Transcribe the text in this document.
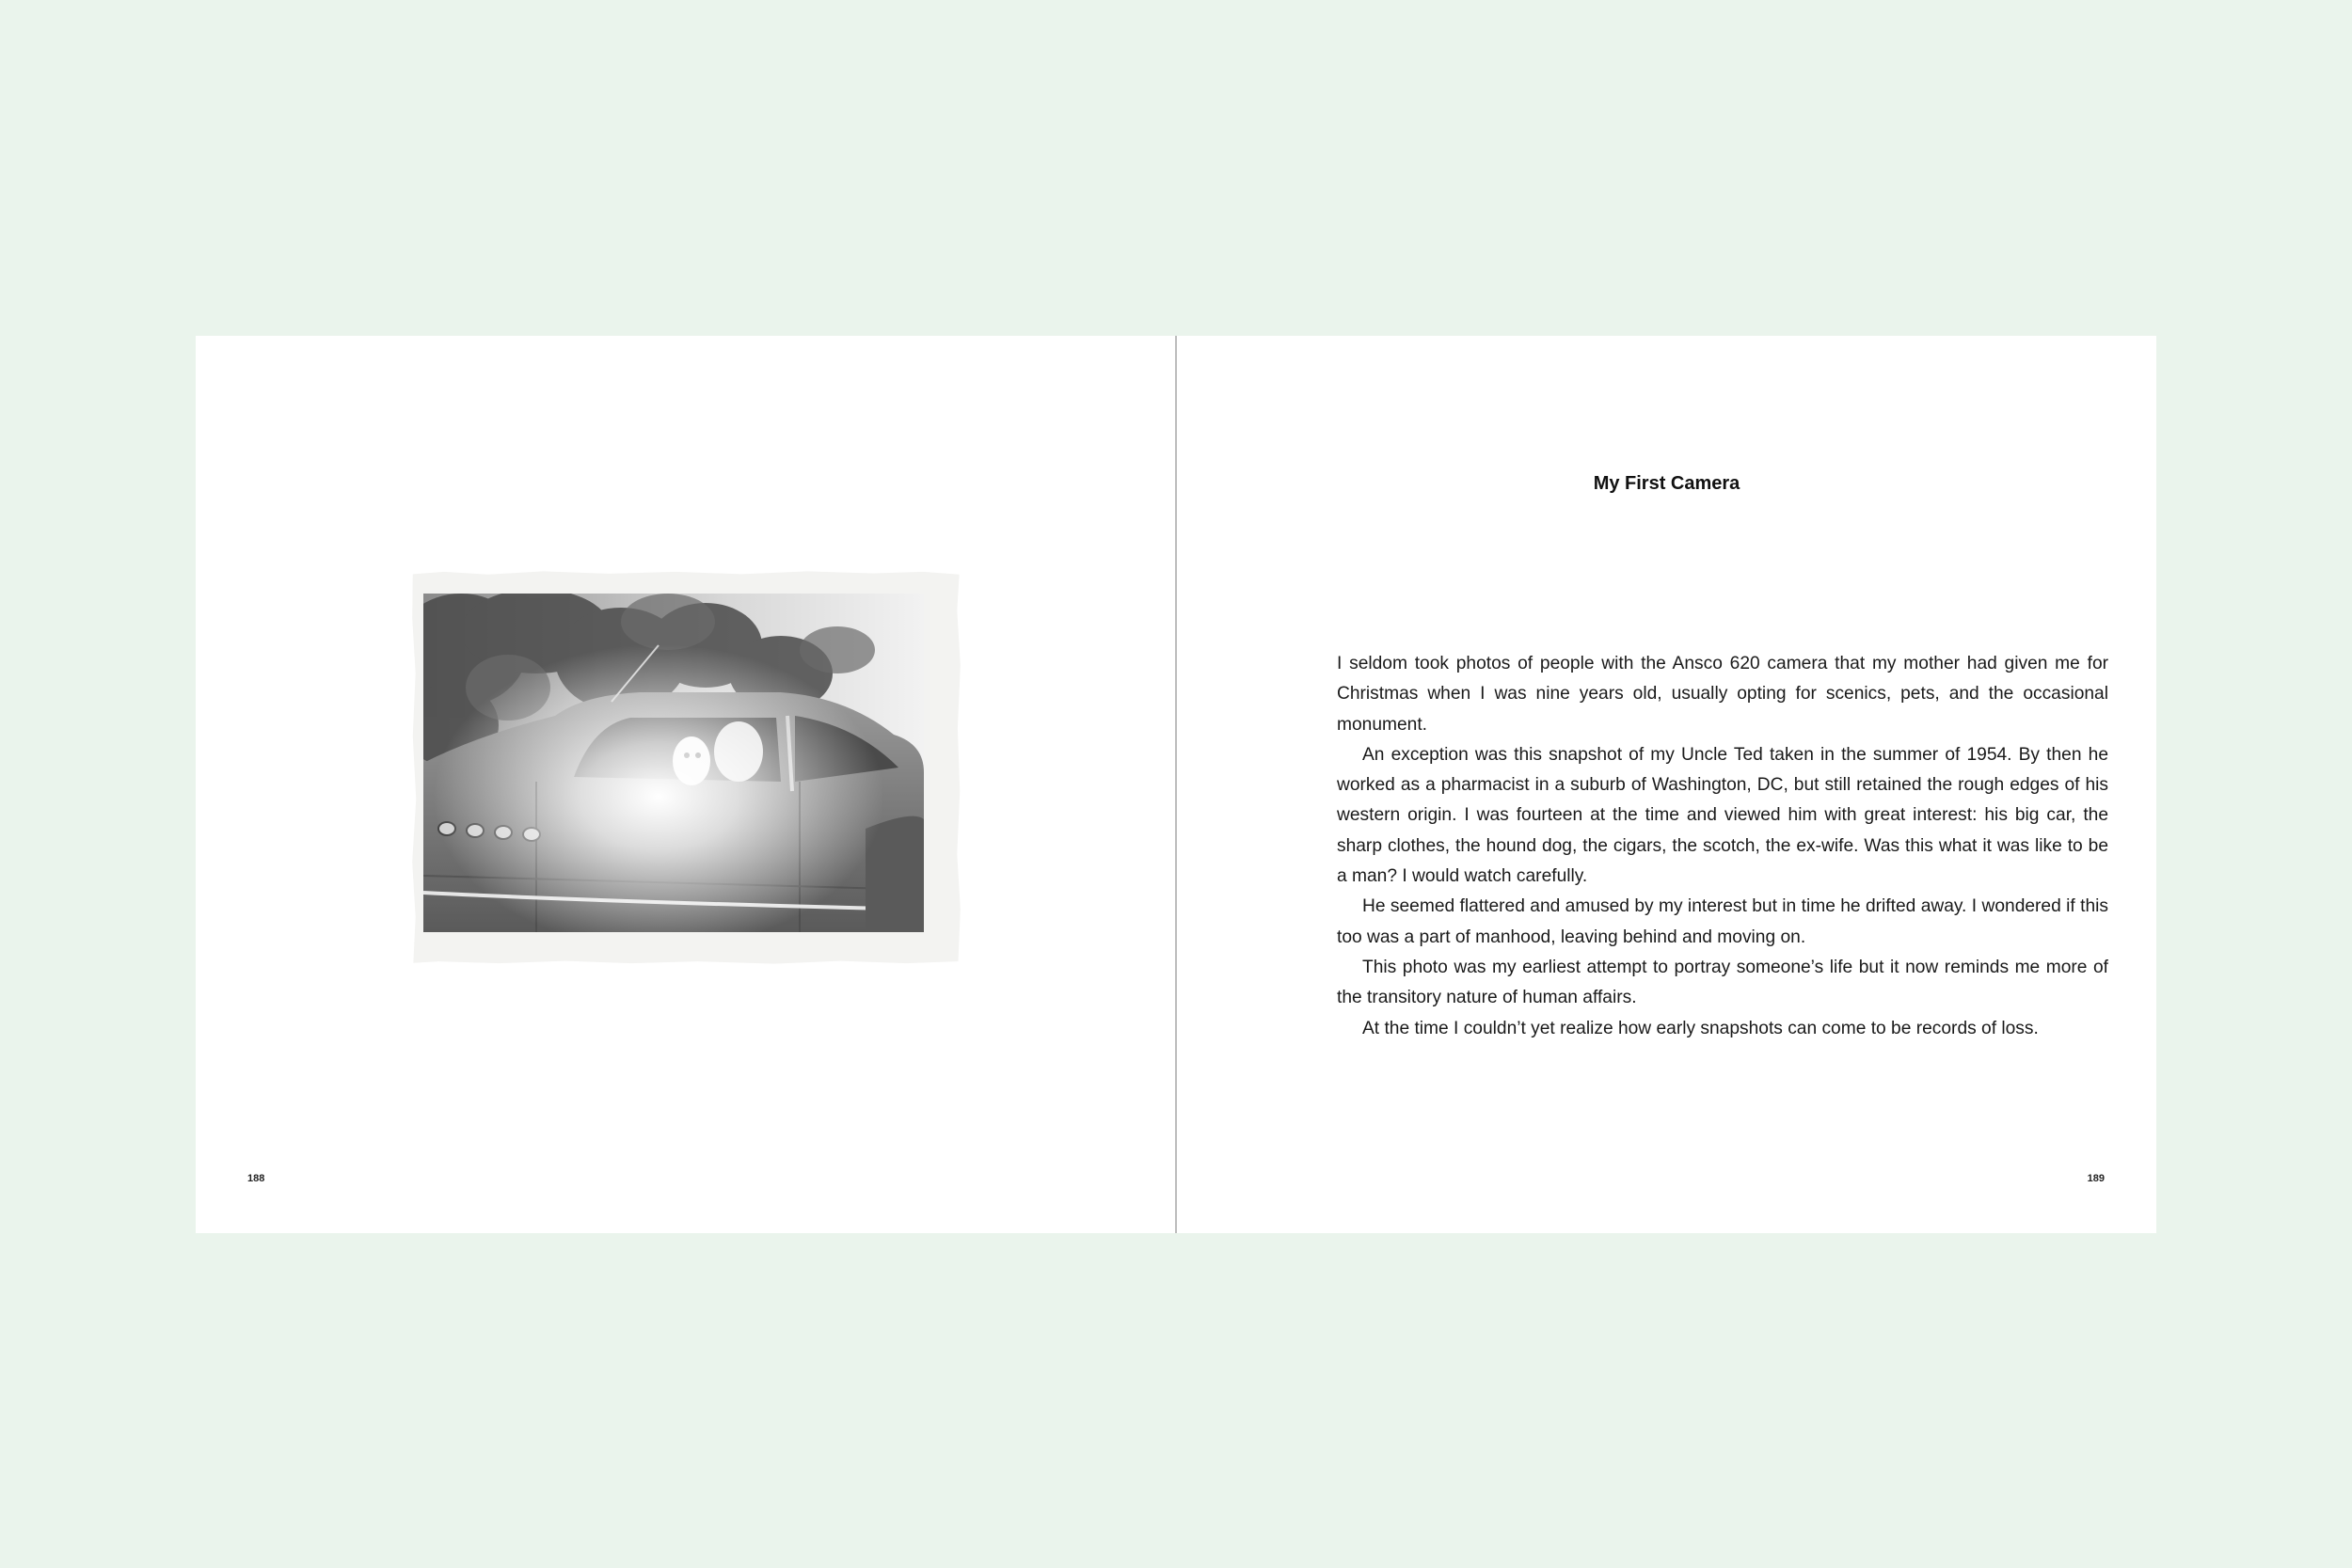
188
My First Camera

I seldom took photos of people with the Ansco 620 camera that my mother had given me for Christmas when I was nine years old, usually opting for scenics, pets, and the occasional monument.

An exception was this snapshot of my Uncle Ted taken in the summer of 1954. By then he worked as a pharmacist in a suburb of Washington, DC, but still retained the rough edges of his western origin. I was fourteen at the time and viewed him with great interest: his big car, the sharp clothes, the hound dog, the cigars, the scotch, the ex-wife. Was this what it was like to be a man? I would watch carefully.

He seemed flattered and amused by my interest but in time he drifted away. I wondered if this too was a part of manhood, leaving behind and moving on.

This photo was my earliest attempt to portray someone’s life but it now reminds me more of the transitory nature of human affairs.

At the time I couldn’t yet realize how early snapshots can come to be records of loss.

189
